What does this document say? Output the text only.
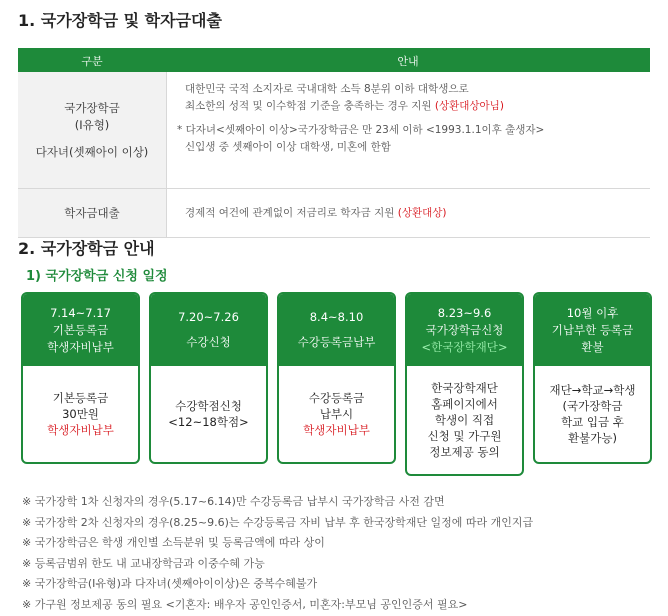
1. 국가장학금 및 학자금대출
구분	안내
국가장학금
(I유형)
다자녀(셋째아이 이상)
대한민국 국적 소지자로 국내대학 소득 8분위 이하 대학생으로
최소한의 성적 및 이수학점 기준을 충족하는 경우 지원 (상환대상아님)
* 다자녀<셋째아이 이상>국가장학금은 만 23세 이하 <1993.1.1이후 출생자>
신입생 중 셋째아이 이상 대학생, 미혼에 한함
학자금대출	경제적 여건에 관계없이 저금리로 학자금 지원 (상환대상)
2. 국가장학금 안내
1) 국가장학금 신청 일정
7.14~7.17
기본등록금
학생자비납부
기본등록금
30만원
학생자비납부
7.20~7.26
수강신청
수강학점신청
<12~18학점>
8.4~8.10
수강등록금납부
수강등록금
납부시
학생자비납부
8.23~9.6
국가장학금신청
<한국장학재단>
한국장학재단
홈페이지에서
학생이 직접
신청 및 가구원
정보제공 동의
10월 이후
기납부한 등록금
환불
재단→학교→학생
(국가장학금
학교 입금 후
환불가능)
※ 국가장학 1차 신청자의 경우(5.17~6.14)만 수강등록금 납부시 국가장학금 사전 감면
※ 국가장학 2차 신청자의 경우(8.25~9.6)는 수강등록금 자비 납부 후 한국장학재단 일정에 따라 개인지급
※ 국가장학금은 학생 개인별 소득분위 및 등록금액에 따라 상이
※ 등록금범위 한도 내 교내장학금과 이중수혜 가능
※ 국가장학금(I유형)과 다자녀(셋째아이이상)은 중복수혜불가
※ 가구원 정보제공 동의 필요 <기혼자: 배우자 공인인증서, 미혼자:부모님 공인인증서 필요>
